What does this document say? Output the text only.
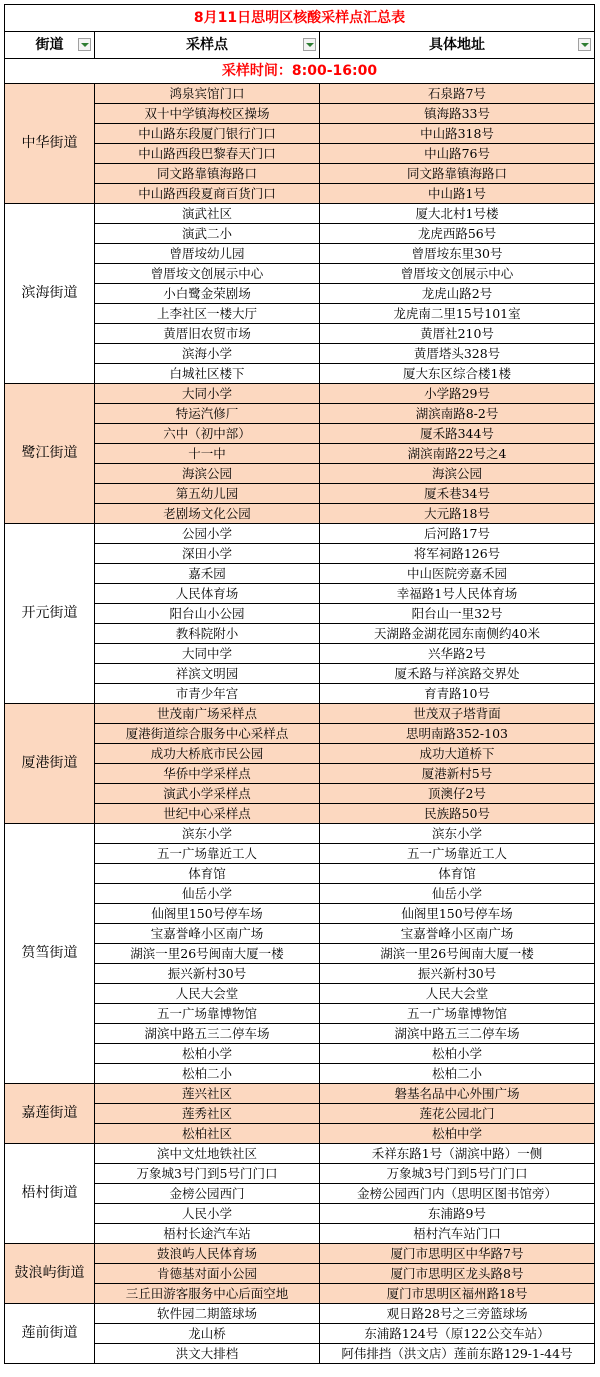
8月11日思明区核酸采样点汇总表		
街道	采样点	具体地址

采样时间：8:00-16:00		
中华街道	鸿泉宾馆门口	石泉路7号
	双十中学镇海校区操场	镇海路33号
	中山路东段厦门银行门口	中山路318号
	中山路西段巴黎春天门口	中山路76号
	同文路靠镇海路口	同文路靠镇海路口
	中山路西段夏商百货门口	中山路1号
滨海街道	演武社区	厦大北村1号楼
	演武二小	龙虎西路56号
	曾厝垵幼儿园	曾厝垵东里30号
	曾厝垵文创展示中心	曾厝垵文创展示中心
	小白鹭金荣剧场	龙虎山路2号
	上李社区一楼大厅	龙虎南二里15号101室
	黄厝旧农贸市场	黄厝社210号
	滨海小学	黄厝塔头328号
	白城社区楼下	厦大东区综合楼1楼
鹭江街道	大同小学	小学路29号
	特运汽修厂	湖滨南路8-2号
	六中（初中部）	厦禾路344号
	十一中	湖滨南路22号之4
	海滨公园	海滨公园
	第五幼儿园	厦禾巷34号
	老剧场文化公园	大元路18号
开元街道	公园小学	后河路17号
	深田小学	将军祠路126号
	嘉禾园	中山医院旁嘉禾园
	人民体育场	幸福路1号人民体育场
	阳台山小公园	阳台山一里32号
	教科院附小	天湖路金湖花园东南侧约40米
	大同中学	兴华路2号
	祥滨文明园	厦禾路与祥滨路交界处
	市青少年宫	育青路10号
厦港街道	世茂南广场采样点	世茂双子塔背面
	厦港街道综合服务中心采样点	思明南路352-103
	成功大桥底市民公园	成功大道桥下
	华侨中学采样点	厦港新村5号
	演武小学采样点	顶澳仔2号
	世纪中心采样点	民族路50号
筼筜街道	滨东小学	滨东小学
	五一广场靠近工人	五一广场靠近工人
	体育馆	体育馆
	仙岳小学	仙岳小学
	仙阁里150号停车场	仙阁里150号停车场
	宝嘉誉峰小区南广场	宝嘉誉峰小区南广场
	湖滨一里26号闽南大厦一楼	湖滨一里26号闽南大厦一楼
	振兴新村30号	振兴新村30号
	人民大会堂	人民大会堂
	五一广场靠博物馆	五一广场靠博物馆
	湖滨中路五三二停车场	湖滨中路五三二停车场
	松柏小学	松柏小学
	松柏二小	松柏二小
嘉莲街道	莲兴社区	磐基名品中心外围广场
	莲秀社区	莲花公园北门
	松柏社区	松柏中学
梧村街道	滨中文灶地铁社区	禾祥东路1号（湖滨中路）一侧
	万象城3号门到5号门门口	万象城3号门到5号门门口
	金榜公园西门	金榜公园西门内（思明区图书馆旁）
	人民小学	东浦路9号
	梧村长途汽车站	梧村汽车站门口
鼓浪屿街道	鼓浪屿人民体育场	厦门市思明区中华路7号
	肯德基对面小公园	厦门市思明区龙头路8号
	三丘田游客服务中心后面空地	厦门市思明区福州路18号
莲前街道	软件园二期篮球场	观日路28号之三旁篮球场
	龙山桥	东浦路124号（原122公交车站）
	洪文大排档	阿伟排挡（洪文店）莲前东路129-1-44号
